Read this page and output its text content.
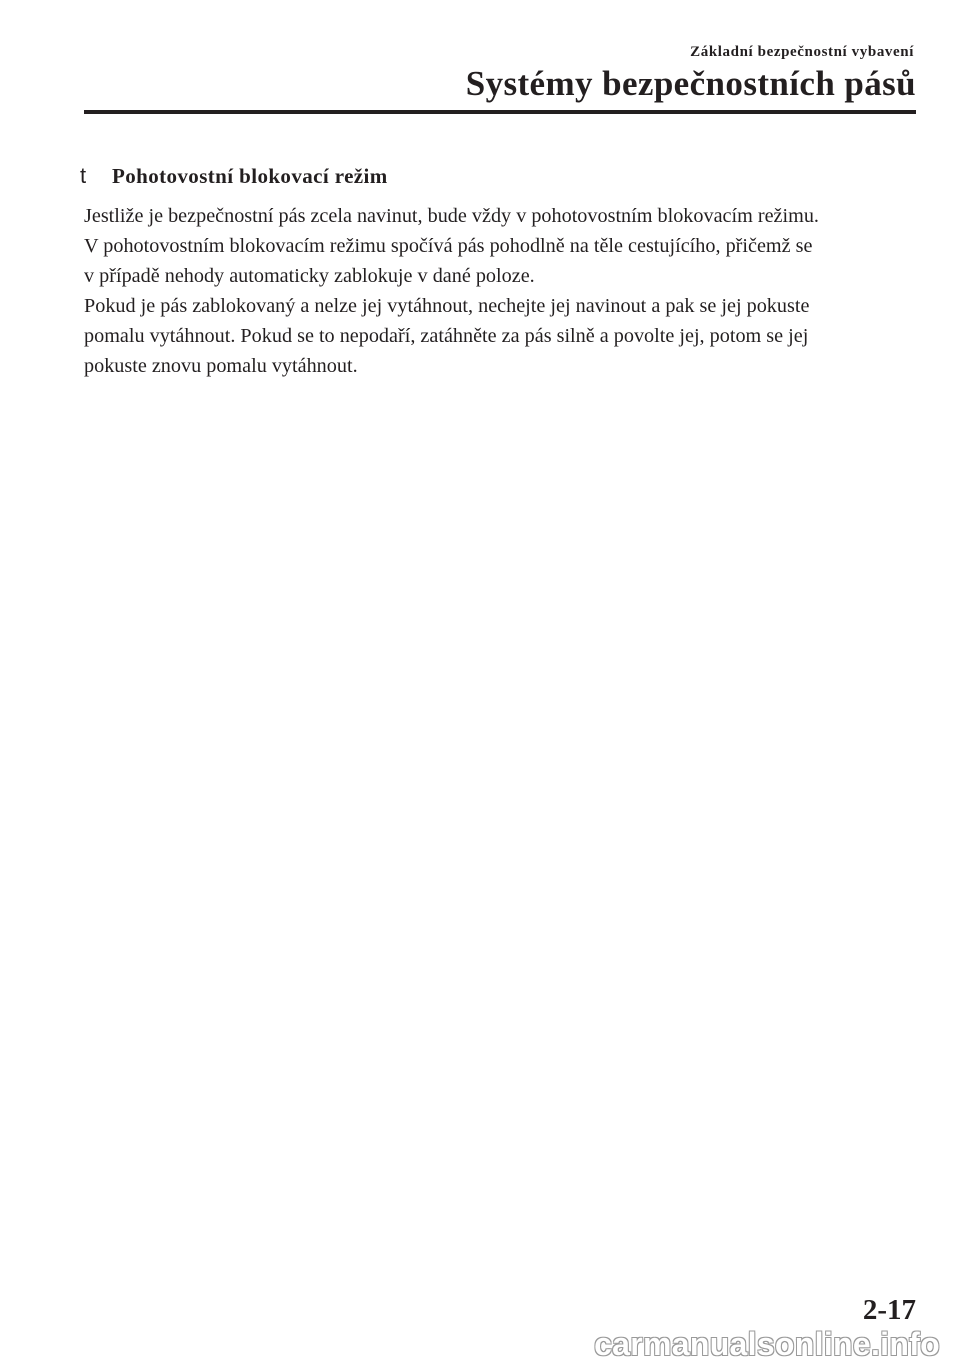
Základní bezpečnostní vybavení
Systémy bezpečnostních pásů
t	Pohotovostní blokovací režim
Jestliže je bezpečnostní pás zcela navinut, bude vždy v pohotovostním blokovacím režimu.
V pohotovostním blokovacím režimu spočívá pás pohodlně na těle cestujícího, přičemž se
v případě nehody automaticky zablokuje v dané poloze.
Pokud je pás zablokovaný a nelze jej vytáhnout, nechejte jej navinout a pak se jej pokuste
pomalu vytáhnout. Pokud se to nepodaří, zatáhněte za pás silně a povolte jej, potom se jej
pokuste znovu pomalu vytáhnout.
2-17
carmanualsonline.info
